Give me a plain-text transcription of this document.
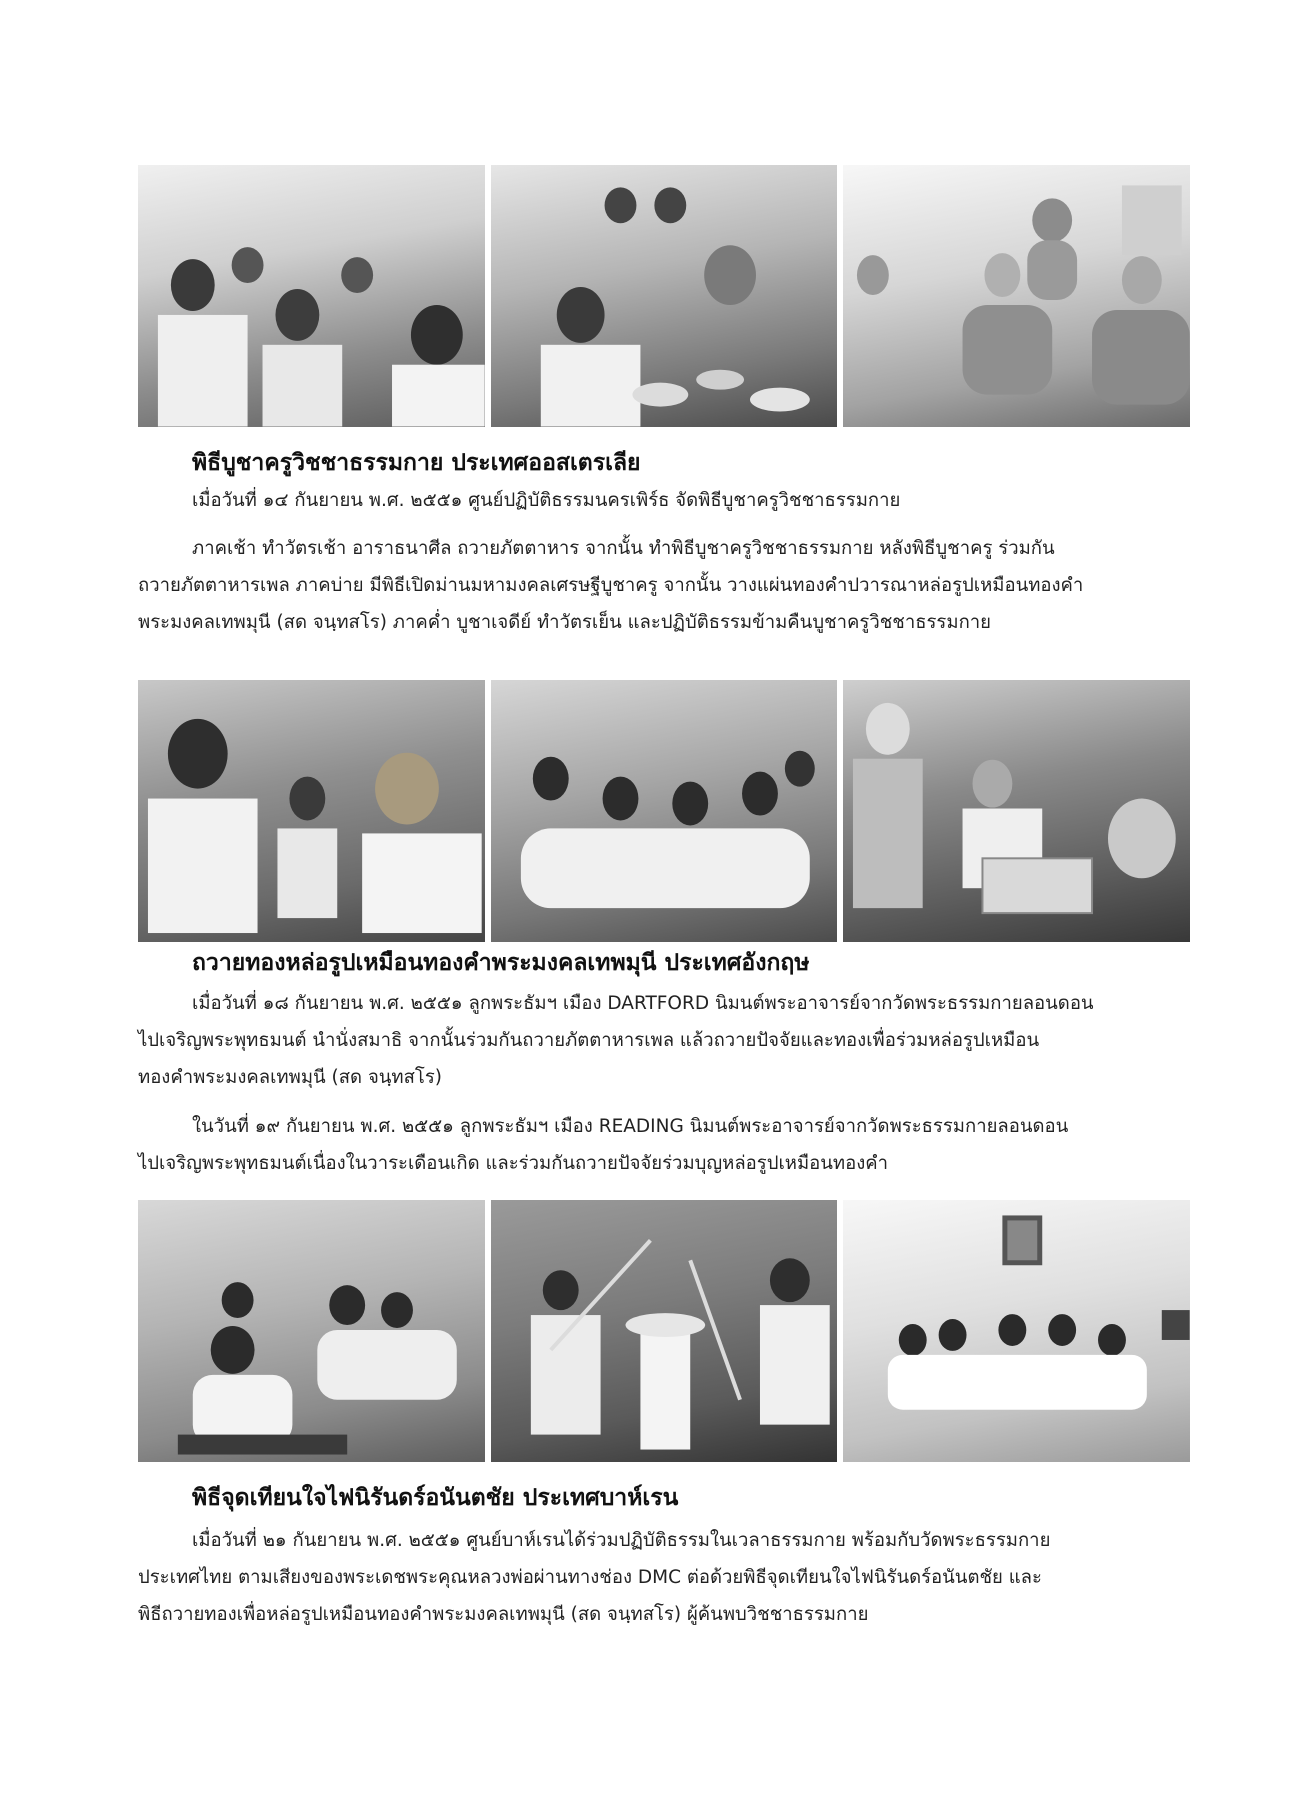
พิธีบูชาครูวิชชาธรรมกาย ประเทศออสเตรเลีย
เมื่อวันที่ ๑๔ กันยายน พ.ศ. ๒๕๕๑ ศูนย์ปฏิบัติธรรมนครเพิร์ธ จัดพิธีบูชาครูวิชชาธรรมกาย
ภาคเช้า ทำวัตรเช้า อาราธนาศีล ถวายภัตตาหาร จากนั้น ทำพิธีบูชาครูวิชชาธรรมกาย หลังพิธีบูชาครู ร่วมกัน
ถวายภัตตาหารเพล ภาคบ่าย มีพิธีเปิดม่านมหามงคลเศรษฐีบูชาครู จากนั้น วางแผ่นทองคำปวารณาหล่อรูปเหมือนทองคำ
พระมงคลเทพมุนี (สด จนฺทสโร) ภาคค่ำ บูชาเจดีย์ ทำวัตรเย็น และปฏิบัติธรรมข้ามคืนบูชาครูวิชชาธรรมกาย
ถวายทองหล่อรูปเหมือนทองคำพระมงคลเทพมุนี ประเทศอังกฤษ
เมื่อวันที่ ๑๘ กันยายน พ.ศ. ๒๕๕๑ ลูกพระธัมฯ เมือง DARTFORD นิมนต์พระอาจารย์จากวัดพระธรรมกายลอนดอน
ไปเจริญพระพุทธมนต์ นำนั่งสมาธิ จากนั้นร่วมกันถวายภัตตาหารเพล แล้วถวายปัจจัยและทองเพื่อร่วมหล่อรูปเหมือน
ทองคำพระมงคลเทพมุนี (สด จนฺทสโร)
ในวันที่ ๑๙ กันยายน พ.ศ. ๒๕๕๑ ลูกพระธัมฯ เมือง READING นิมนต์พระอาจารย์จากวัดพระธรรมกายลอนดอน
ไปเจริญพระพุทธมนต์เนื่องในวาระเดือนเกิด และร่วมกันถวายปัจจัยร่วมบุญหล่อรูปเหมือนทองคำ
พิธีจุดเทียนใจไฟนิรันดร์อนันตชัย ประเทศบาห์เรน
เมื่อวันที่ ๒๑ กันยายน พ.ศ. ๒๕๕๑ ศูนย์บาห์เรนได้ร่วมปฏิบัติธรรมในเวลาธรรมกาย พร้อมกับวัดพระธรรมกาย
ประเทศไทย ตามเสียงของพระเดชพระคุณหลวงพ่อผ่านทางช่อง DMC ต่อด้วยพิธีจุดเทียนใจไฟนิรันดร์อนันตชัย และ
พิธีถวายทองเพื่อหล่อรูปเหมือนทองคำพระมงคลเทพมุนี (สด จนฺทสโร) ผู้ค้นพบวิชชาธรรมกาย
